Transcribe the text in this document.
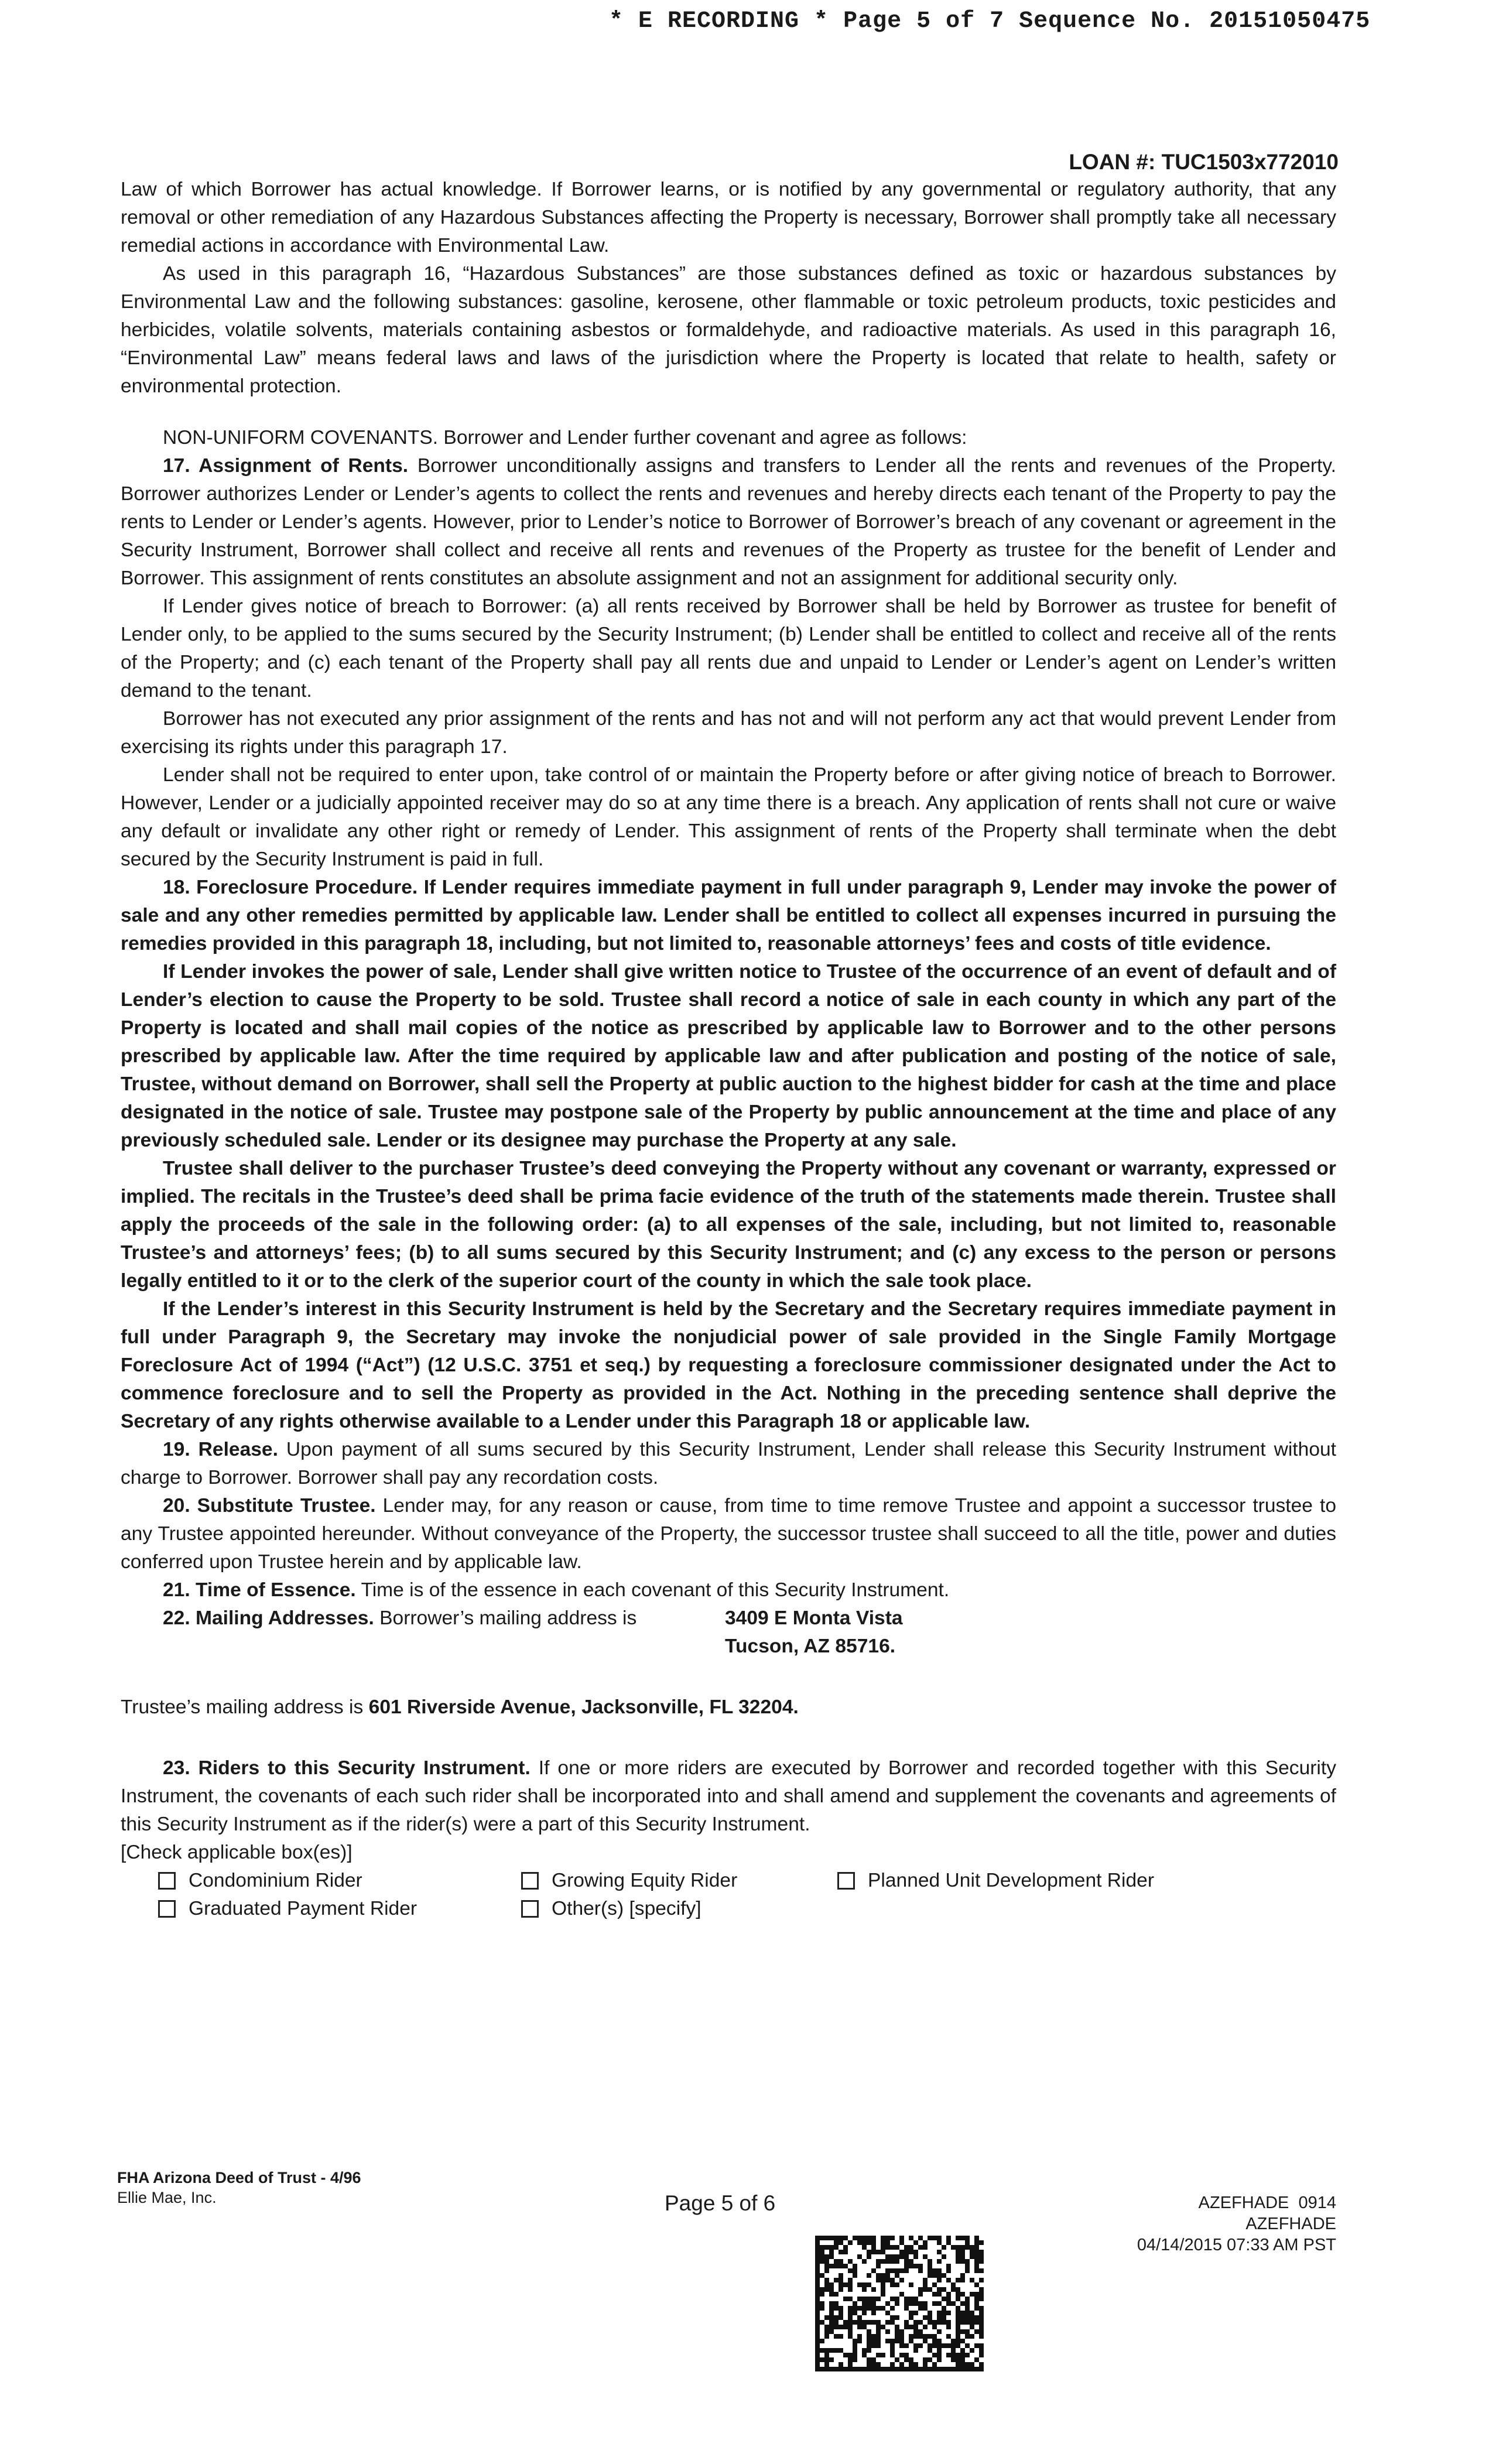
* E RECORDING * Page 5 of 7 Sequence No. 20151050475
LOAN #: TUC1503x772010

Law of which Borrower has actual knowledge. If Borrower learns, or is notified by any governmental or regulatory authority, that any removal or other remediation of any Hazardous Substances affecting the Property is necessary, Borrower shall promptly take all necessary remedial actions in accordance with Environmental Law.

As used in this paragraph 16, “Hazardous Substances” are those substances defined as toxic or hazardous substances by Environmental Law and the following substances: gasoline, kerosene, other flammable or toxic petroleum products, toxic pesticides and herbicides, volatile solvents, materials containing asbestos or formaldehyde, and radioactive materials. As used in this paragraph 16, “Environmental Law” means federal laws and laws of the jurisdiction where the Property is located that relate to health, safety or environmental protection.

NON-UNIFORM COVENANTS. Borrower and Lender further covenant and agree as follows:

17. Assignment of Rents. Borrower unconditionally assigns and transfers to Lender all the rents and revenues of the Property. Borrower authorizes Lender or Lender’s agents to collect the rents and revenues and hereby directs each tenant of the Property to pay the rents to Lender or Lender’s agents. However, prior to Lender’s notice to Borrower of Borrower’s breach of any covenant or agreement in the Security Instrument, Borrower shall collect and receive all rents and revenues of the Property as trustee for the benefit of Lender and Borrower. This assignment of rents constitutes an absolute assignment and not an assignment for additional security only.

If Lender gives notice of breach to Borrower: (a) all rents received by Borrower shall be held by Borrower as trustee for benefit of Lender only, to be applied to the sums secured by the Security Instrument; (b) Lender shall be entitled to collect and receive all of the rents of the Property; and (c) each tenant of the Property shall pay all rents due and unpaid to Lender or Lender’s agent on Lender’s written demand to the tenant.

Borrower has not executed any prior assignment of the rents and has not and will not perform any act that would prevent Lender from exercising its rights under this paragraph 17.

Lender shall not be required to enter upon, take control of or maintain the Property before or after giving notice of breach to Borrower. However, Lender or a judicially appointed receiver may do so at any time there is a breach. Any application of rents shall not cure or waive any default or invalidate any other right or remedy of Lender. This assignment of rents of the Property shall terminate when the debt secured by the Security Instrument is paid in full.

18. Foreclosure Procedure. If Lender requires immediate payment in full under paragraph 9, Lender may invoke the power of sale and any other remedies permitted by applicable law. Lender shall be entitled to collect all expenses incurred in pursuing the remedies provided in this paragraph 18, including, but not limited to, reasonable attorneys’ fees and costs of title evidence.

If Lender invokes the power of sale, Lender shall give written notice to Trustee of the occurrence of an event of default and of Lender’s election to cause the Property to be sold. Trustee shall record a notice of sale in each county in which any part of the Property is located and shall mail copies of the notice as prescribed by applicable law to Borrower and to the other persons prescribed by applicable law. After the time required by applicable law and after publication and posting of the notice of sale, Trustee, without demand on Borrower, shall sell the Property at public auction to the highest bidder for cash at the time and place designated in the notice of sale. Trustee may postpone sale of the Property by public announcement at the time and place of any previously scheduled sale. Lender or its designee may purchase the Property at any sale.

Trustee shall deliver to the purchaser Trustee’s deed conveying the Property without any covenant or warranty, expressed or implied. The recitals in the Trustee’s deed shall be prima facie evidence of the truth of the statements made therein. Trustee shall apply the proceeds of the sale in the following order: (a) to all expenses of the sale, including, but not limited to, reasonable Trustee’s and attorneys’ fees; (b) to all sums secured by this Security Instrument; and (c) any excess to the person or persons legally entitled to it or to the clerk of the superior court of the county in which the sale took place.

If the Lender’s interest in this Security Instrument is held by the Secretary and the Secretary requires immediate payment in full under Paragraph 9, the Secretary may invoke the nonjudicial power of sale provided in the Single Family Mortgage Foreclosure Act of 1994 (“Act”) (12 U.S.C. 3751 et seq.) by requesting a foreclosure commissioner designated under the Act to commence foreclosure and to sell the Property as provided in the Act. Nothing in the preceding sentence shall deprive the Secretary of any rights otherwise available to a Lender under this Paragraph 18 or applicable law.

19. Release. Upon payment of all sums secured by this Security Instrument, Lender shall release this Security Instrument without charge to Borrower. Borrower shall pay any recordation costs.

20. Substitute Trustee. Lender may, for any reason or cause, from time to time remove Trustee and appoint a successor trustee to any Trustee appointed hereunder. Without conveyance of the Property, the successor trustee shall succeed to all the title, power and duties conferred upon Trustee herein and by applicable law.

21. Time of Essence. Time is of the essence in each covenant of this Security Instrument.

22. Mailing Addresses. Borrower’s mailing address is	3409 E Monta Vista
Tucson, AZ 85716.

Trustee’s mailing address is 601 Riverside Avenue, Jacksonville, FL 32204.

23. Riders to this Security Instrument. If one or more riders are executed by Borrower and recorded together with this Security Instrument, the covenants of each such rider shall be incorporated into and shall amend and supplement the covenants and agreements of this Security Instrument as if the rider(s) were a part of this Security Instrument.

[Check applicable box(es)]

Condominium Rider	Growing Equity Rider	Planned Unit Development Rider
Graduated Payment Rider	Other(s) [specify]
FHA Arizona Deed of Trust - 4/96
Ellie Mae, Inc.	Page 5 of 6	AZEFHADE  0914
AZEFHADE
04/14/2015 07:33 AM PST
